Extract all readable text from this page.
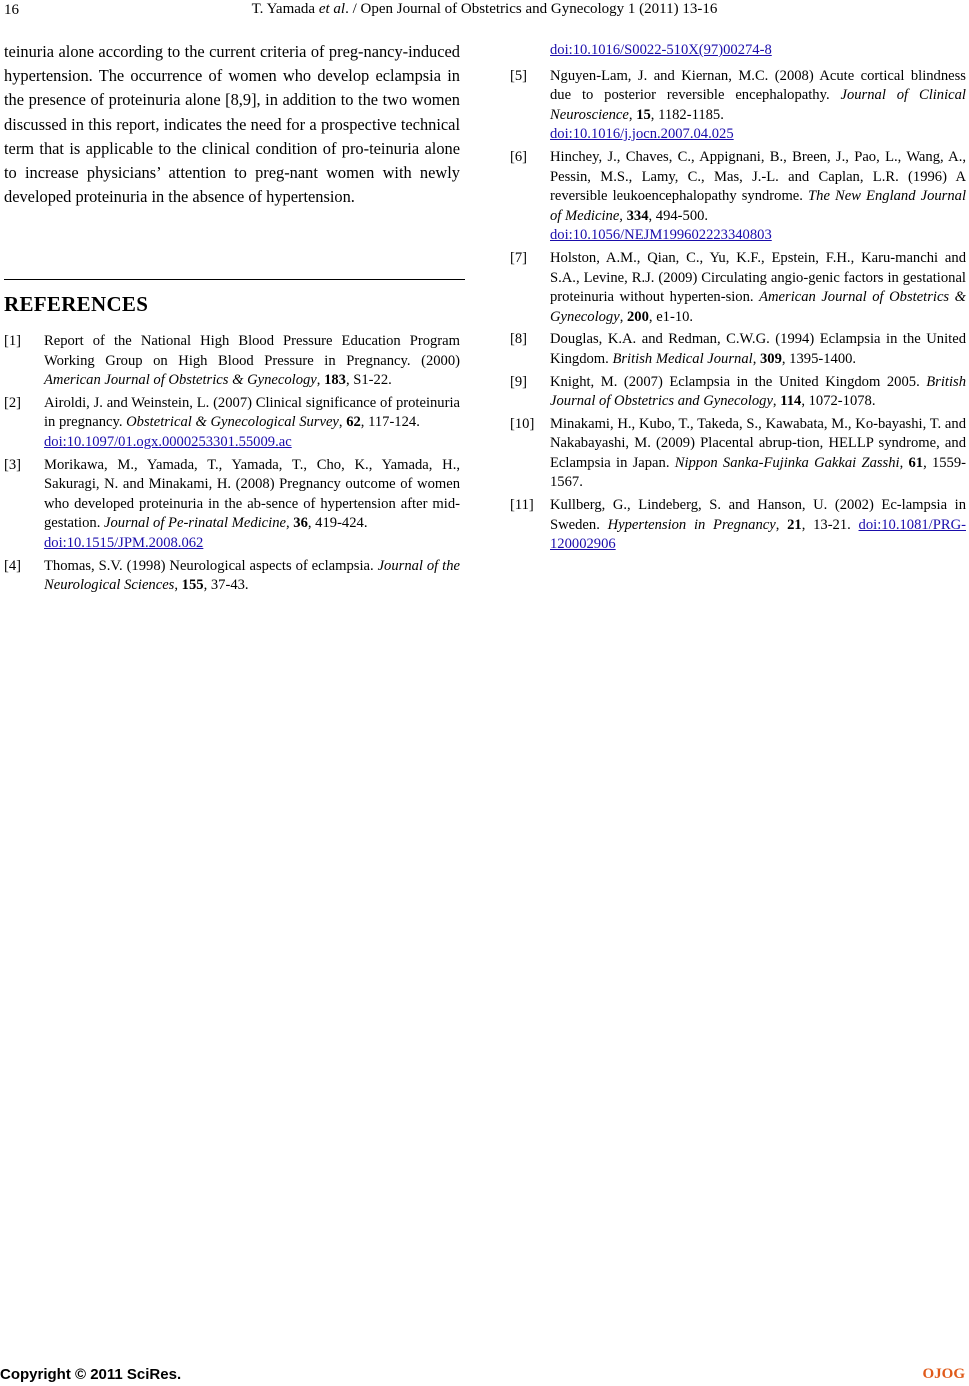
16	T. Yamada et al. / Open Journal of Obstetrics and Gynecology 1 (2011) 13-16

teinuria alone according to the current criteria of preg-nancy-induced hypertension. The occurrence of women who develop eclampsia in the presence of proteinuria alone [8,9], in addition to the two women discussed in this report, indicates the need for a prospective technical term that is applicable to the clinical condition of pro-teinuria alone to increase physicians’ attention to preg-nant women with newly developed proteinuria in the absence of hypertension.

REFERENCES
[1] Report of the National High Blood Pressure Education Program Working Group on High Blood Pressure in Pregnancy. (2000) American Journal of Obstetrics & Gynecology, 183, S1-22.
[2] Airoldi, J. and Weinstein, L. (2007) Clinical significance of proteinuria in pregnancy. Obstetrical & Gynecological Survey, 62, 117-124.
doi:10.1097/01.ogx.0000253301.55009.ac
[3] Morikawa, M., Yamada, T., Yamada, T., Cho, K., Yamada, H., Sakuragi, N. and Minakami, H. (2008) Pregnancy outcome of women who developed proteinuria in the ab-sence of hypertension after mid-gestation. Journal of Pe-rinatal Medicine, 36, 419-424.
doi:10.1515/JPM.2008.062
[4] Thomas, S.V. (1998) Neurological aspects of eclampsia. Journal of the Neurological Sciences, 155, 37-43.
doi:10.1016/S0022-510X(97)00274-8
[5] Nguyen-Lam, J. and Kiernan, M.C. (2008) Acute cortical blindness due to posterior reversible encephalopathy. Journal of Clinical Neuroscience, 15, 1182-1185.
doi:10.1016/j.jocn.2007.04.025
[6] Hinchey, J., Chaves, C., Appignani, B., Breen, J., Pao, L., Wang, A., Pessin, M.S., Lamy, C., Mas, J.-L. and Caplan, L.R. (1996) A reversible leukoencephalopathy syndrome. The New England Journal of Medicine, 334, 494-500.
doi:10.1056/NEJM199602223340803
[7] Holston, A.M., Qian, C., Yu, K.F., Epstein, F.H., Karu-manchi and S.A., Levine, R.J. (2009) Circulating angio-genic factors in gestational proteinuria without hyperten-sion. American Journal of Obstetrics & Gynecology, 200, e1-10.
[8] Douglas, K.A. and Redman, C.W.G. (1994) Eclampsia in the United Kingdom. British Medical Journal, 309, 1395-1400.
[9] Knight, M. (2007) Eclampsia in the United Kingdom 2005. British Journal of Obstetrics and Gynecology, 114, 1072-1078.
[10] Minakami, H., Kubo, T., Takeda, S., Kawabata, M., Ko-bayashi, T. and Nakabayashi, M. (2009) Placental abrup-tion, HELLP syndrome, and Eclampsia in Japan. Nippon Sanka-Fujinka Gakkai Zasshi, 61, 1559-1567.
[11] Kullberg, G., Lindeberg, S. and Hanson, U. (2002) Ec-lampsia in Sweden. Hypertension in Pregnancy, 21, 13-21. doi:10.1081/PRG-120002906
Copyright © 2011 SciRes.	OJOG
